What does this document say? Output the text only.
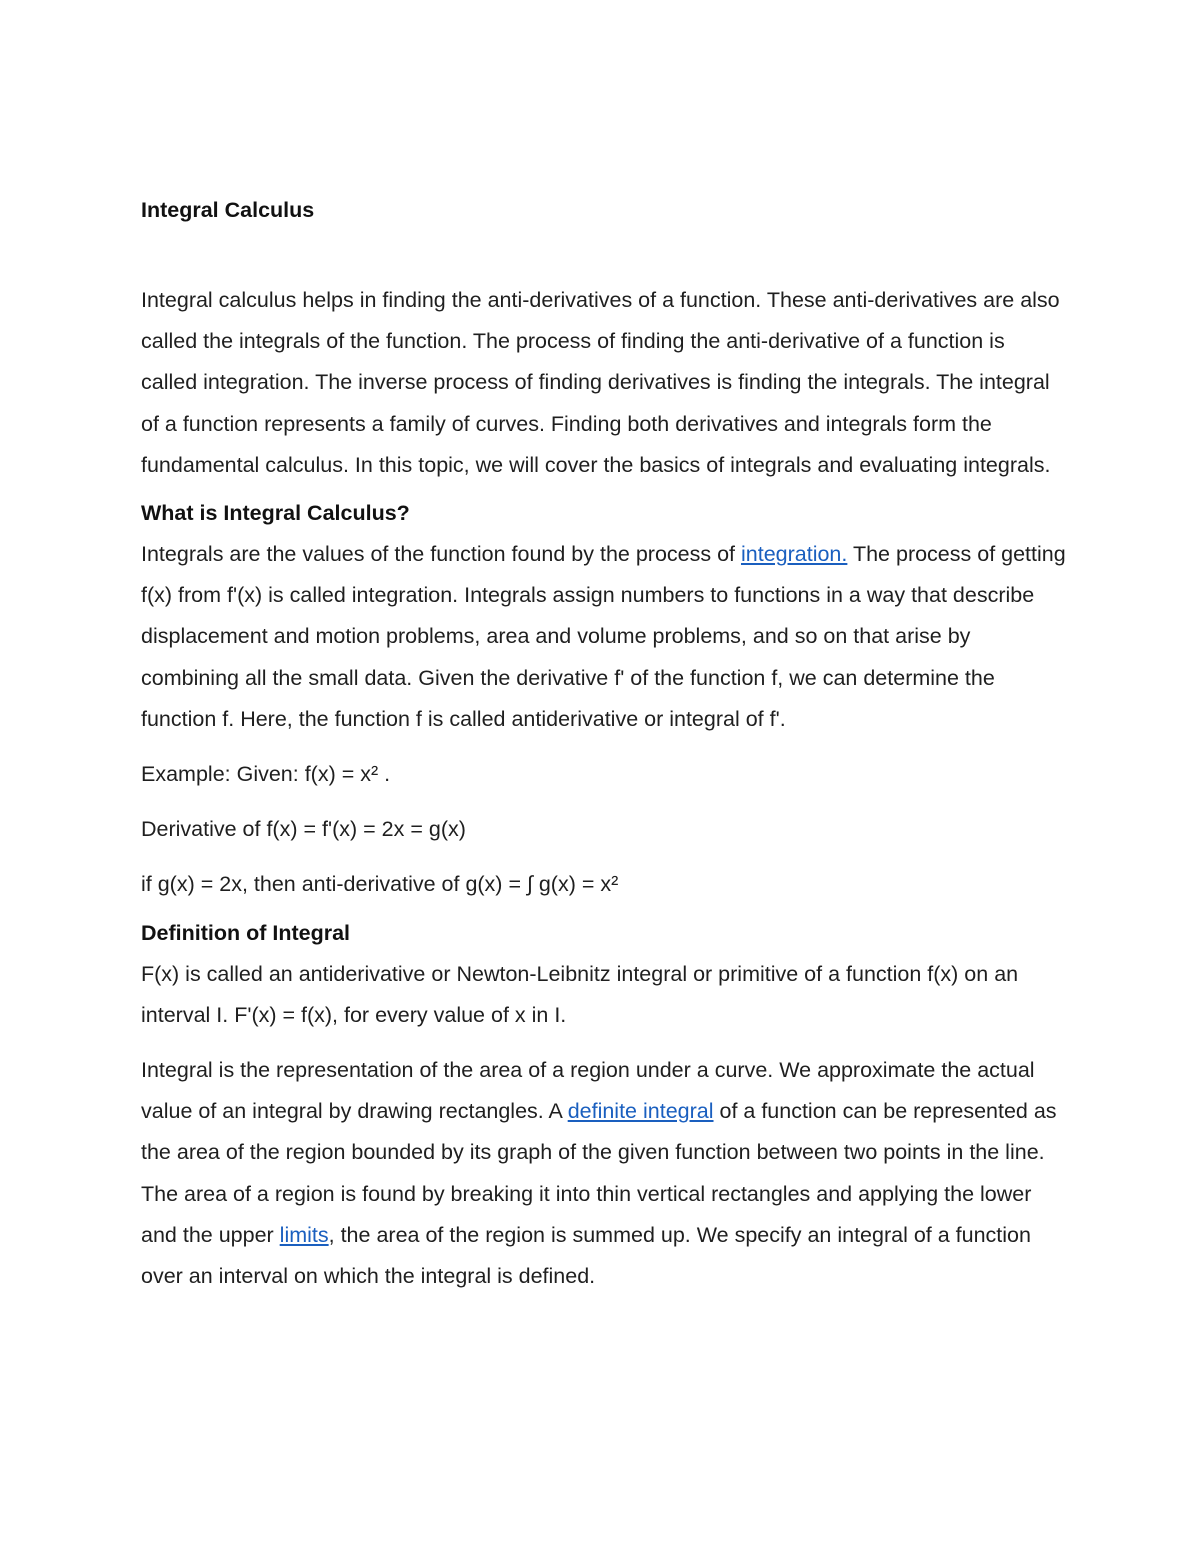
Integral Calculus

Integral calculus helps in finding the anti-derivatives of a function. These anti-derivatives are also called the integrals of the function. The process of finding the anti-derivative of a function is called integration. The inverse process of finding derivatives is finding the integrals. The integral of a function represents a family of curves. Finding both derivatives and integrals form the fundamental calculus. In this topic, we will cover the basics of integrals and evaluating integrals.

What is Integral Calculus?

Integrals are the values of the function found by the process of integration. The process of getting f(x) from f'(x) is called integration. Integrals assign numbers to functions in a way that describe displacement and motion problems, area and volume problems, and so on that arise by combining all the small data. Given the derivative f' of the function f, we can determine the function f. Here, the function f is called antiderivative or integral of f'.

Example: Given: f(x) = x² .

Derivative of f(x) = f'(x) = 2x = g(x)

if g(x) = 2x, then anti-derivative of g(x) = ∫ g(x) = x²

Definition of Integral

F(x) is called an antiderivative or Newton-Leibnitz integral or primitive of a function f(x) on an interval I. F'(x) = f(x), for every value of x in I.

Integral is the representation of the area of a region under a curve. We approximate the actual value of an integral by drawing rectangles. A definite integral of a function can be represented as the area of the region bounded by its graph of the given function between two points in the line. The area of a region is found by breaking it into thin vertical rectangles and applying the lower and the upper limits, the area of the region is summed up. We specify an integral of a function over an interval on which the integral is defined.
